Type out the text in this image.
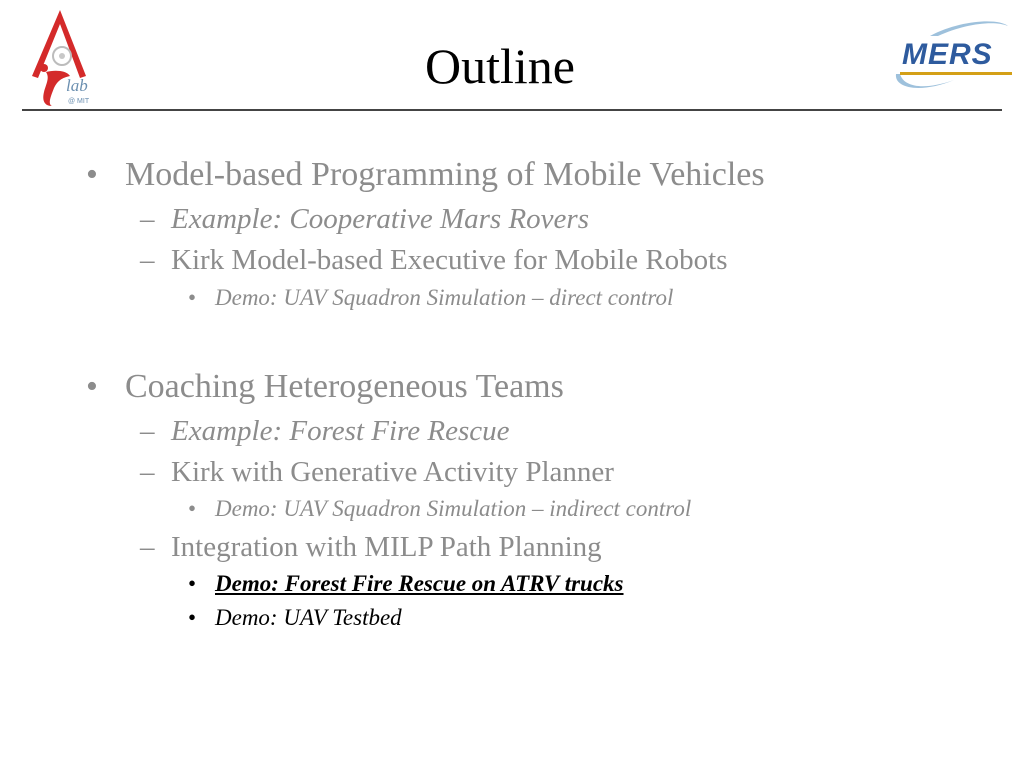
lab
@ MIT
Outline	MERS
• Model-based Programming of Mobile Vehicles
– Example: Cooperative Mars Rovers
– Kirk Model-based Executive for Mobile Robots
• Demo: UAV Squadron Simulation – direct control
• Coaching Heterogeneous Teams
– Example: Forest Fire Rescue
– Kirk with Generative Activity Planner
• Demo: UAV Squadron Simulation – indirect control
– Integration with MILP Path Planning
• Demo: Forest Fire Rescue on ATRV trucks
• Demo: UAV Testbed
